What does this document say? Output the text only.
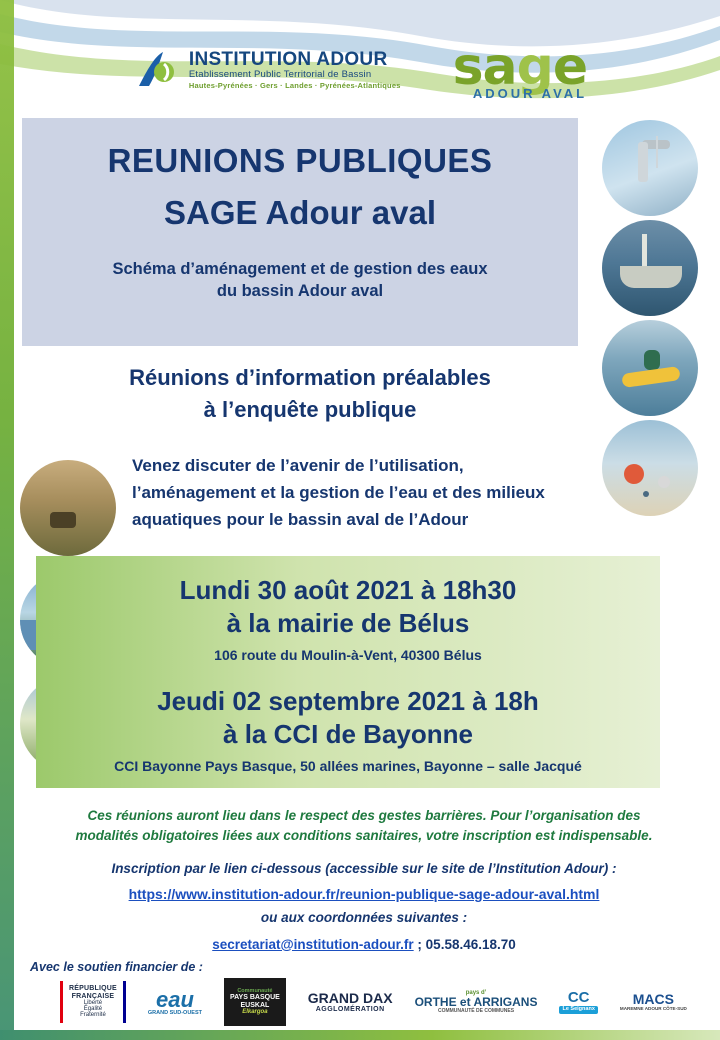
INSTITUTION ADOUR
Etablissement Public Territorial de Bassin
Hautes-Pyrénées · Gers · Landes · Pyrénées-Atlantiques sage
ADOUR AVAL
REUNIONS PUBLIQUES
SAGE Adour aval
Schéma d’aménagement et de gestion des eaux
du bassin Adour aval
Réunions d’information préalables
à l’enquête publique
Venez discuter de l’avenir de l’utilisation,
l’aménagement et la gestion de l’eau et des milieux
aquatiques pour le bassin aval de l’Adour
Lundi 30 août 2021 à 18h30
à la mairie de Bélus
106 route du Moulin-à-Vent, 40300 Bélus
Jeudi 02 septembre 2021 à 18h
à la CCI de Bayonne
CCI Bayonne Pays Basque, 50 allées marines, Bayonne – salle Jacqué
Ces réunions auront lieu dans le respect des gestes barrières. Pour l’organisation des
modalités obligatoires liées aux conditions sanitaires, votre inscription est indispensable.
Inscription par le lien ci-dessous (accessible sur le site de l’Institution Adour) :
https://www.institution-adour.fr/reunion-publique-sage-adour-aval.html
ou aux coordonnées suivantes :
secretariat@institution-adour.fr ; 05.58.46.18.70
Avec le soutien financier de :
RÉPUBLIQUE
FRANÇAISE
Liberté
Égalité
Fraternité
eau
GRAND SUD-OUEST
Communauté
PAYS BASQUE
EUSKAL
Elkargoa
GRAND DAX
AGGLOMÉRATION
pays d’
ORTHE et ARRIGANS
COMMUNAUTÉ DE COMMUNES
CC
Le Seignanx
MACS
MAREMNE ADOUR CÔTE-SUD
